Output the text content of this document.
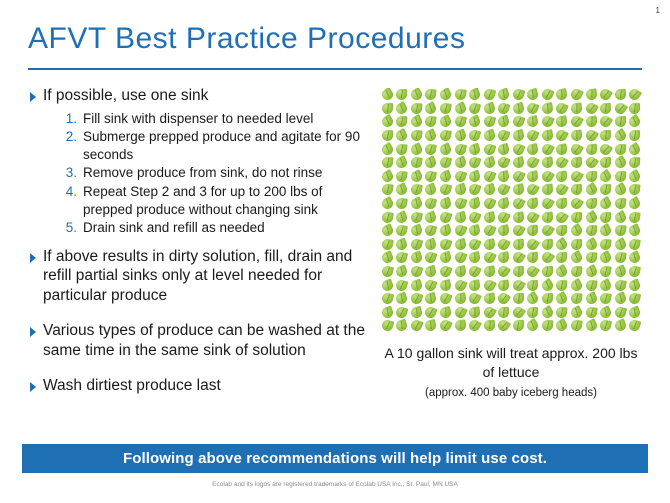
1
AFVT Best Practice Procedures
If possible, use one sink
1. Fill sink with dispenser to needed level
2. Submerge prepped produce and agitate for 90 seconds
3. Remove produce from sink, do not rinse
4. Repeat Step 2 and 3 for up to 200 lbs of prepped produce without changing sink
5. Drain sink and refill as needed
If above results in dirty solution, fill, drain and refill partial sinks only at level needed for particular produce
Various types of produce can be washed at the same time in the same sink of solution
Wash dirtiest produce last
A 10 gallon sink will treat approx. 200 lbs of lettuce
(approx. 400 baby iceberg heads)
Following above recommendations will help limit use cost.
Ecolab and its logos are registered trademarks of Ecolab USA Inc., St. Paul, MN USA
